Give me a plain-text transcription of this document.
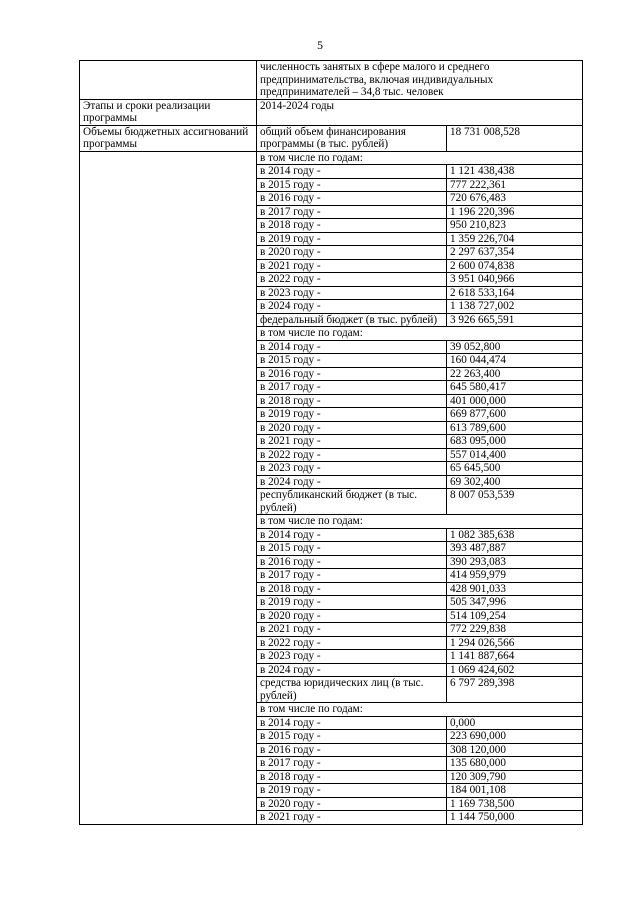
5
	численность занятых в сфере малого и среднего предпринимательства, включая индивидуальных предпринимателей – 34,8 тыс. человек	
Этапы и сроки реализации программы	2014-2024 годы	
Объемы бюджетных ассигнований программы	общий объем финансирования программы (в тыс. рублей)	18 731 008,528
	в том числе по годам:	
	в 2014 году -	1 121 438,438
	в 2015 году -	777 222,361
	в 2016 году -	720 676,483
	в 2017 году -	1 196 220,396
	в 2018 году -	950 210,823
	в 2019 году -	1 359 226,704
	в 2020 году -	2 297 637,354
	в 2021 году -	2 600 074,838
	в 2022 году -	3 951 040,966
	в 2023 году -	2 618 533,164
	в 2024 году -	1 138 727,002
	федеральный бюджет (в тыс. рублей)	3 926 665,591
	в том числе по годам:	
	в 2014 году -	39 052,800
	в 2015 году -	160 044,474
	в 2016 году -	22 263,400
	в 2017 году -	645 580,417
	в 2018 году -	401 000,000
	в 2019 году -	669 877,600
	в 2020 году -	613 789,600
	в 2021 году -	683 095,000
	в 2022 году -	557 014,400
	в 2023 году -	65 645,500
	в 2024 году -	69 302,400
	республиканский бюджет (в тыс. рублей)	8 007 053,539
	в том числе по годам:	
	в 2014 году -	1 082 385,638
	в 2015 году -	393 487,887
	в 2016 году -	390 293,083
	в 2017 году -	414 959,979
	в 2018 году -	428 901,033
	в 2019 году -	505 347,996
	в 2020 году -	514 109,254
	в 2021 году -	772 229,838
	в 2022 году -	1 294 026,566
	в 2023 году -	1 141 887,664
	в 2024 году -	1 069 424,602
	средства юридических лиц (в тыс. рублей)	6 797 289,398
	в том числе по годам:	
	в 2014 году -	0,000
	в 2015 году -	223 690,000
	в 2016 году -	308 120,000
	в 2017 году -	135 680,000
	в 2018 году -	120 309,790
	в 2019 году -	184 001,108
	в 2020 году -	1 169 738,500
	в 2021 году -	1 144 750,000
